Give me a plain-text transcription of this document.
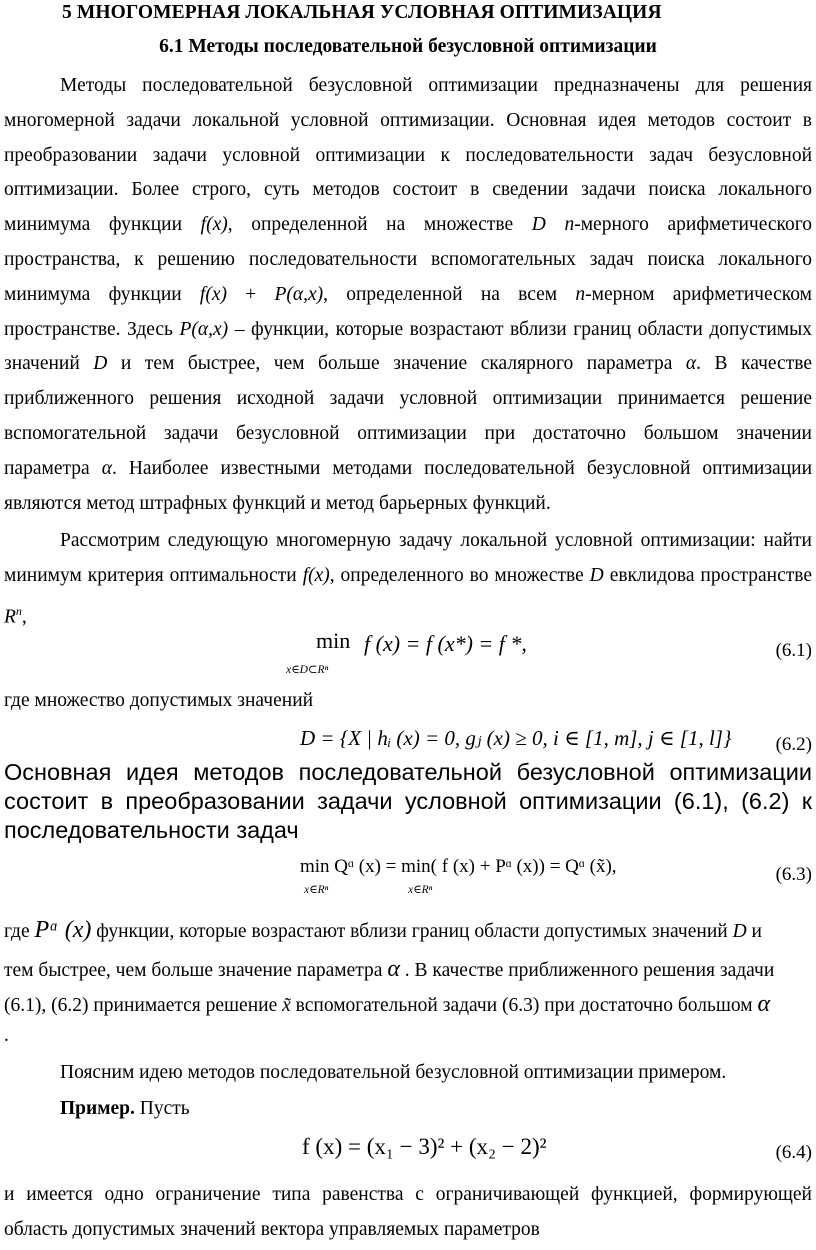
5 МНОГОМЕРНАЯ ЛОКАЛЬНАЯ УСЛОВНАЯ ОПТИМИЗАЦИЯ
6.1 Методы последовательной безусловной оптимизации
Методы последовательной безусловной оптимизации предназначены для решения многомерной задачи локальной условной оптимизации. Основная идея методов состоит в преобразовании задачи условной оптимизации к последовательности задач безусловной оптимизации. Более строго, суть методов состоит в сведении задачи поиска локального минимума функции f(x), определенной на множестве D n-мерного арифметического пространства, к решению последовательности вспомогательных задач поиска локального минимума функции f(x) + P(α,x), определенной на всем n-мерном арифметическом пространстве. Здесь P(α,x) – функции, которые возрастают вблизи границ области допустимых значений D и тем быстрее, чем больше значение скалярного параметра α. В качестве приближенного решения исходной задачи условной оптимизации принимается решение вспомогательной задачи безусловной оптимизации при достаточно большом значении параметра α. Наиболее известными методами последовательной безусловной оптимизации являются метод штрафных функций и метод барьерных функций.
Рассмотрим следующую многомерную задачу локальной условной оптимизации: найти минимум критерия оптимальности f(x), определенного во множестве D евклидова пространстве $R^n$,
min
x∈D⊂Rⁿ
f (x) = f (x*) = f *,	(6.1)
где множество допустимых значений
D = {X | hᵢ (x) = 0, gⱼ (x) ≥ 0, i ∈ [1, m], j ∈ [1, l]} (6.2)
Основная идея методов последовательной безусловной оптимизации состоит в преобразовании задачи условной оптимизации (6.1), (6.2) к последовательности задач
min Qᵅ (x) = min( f (x) + Pᵅ (x)) = Qᵅ (x̃),
x∈Rⁿ	x∈Rⁿ
(6.3)
где Pᵅ (x) функции, которые возрастают вблизи границ области допустимых значений D и
тем быстрее, чем больше значение параметра α . В качестве приближенного решения задачи
(6.1), (6.2) принимается решение x̃ вспомогательной задачи (6.3) при достаточно большом α
.
Поясним идею методов последовательной безусловной оптимизации примером.
Пример. Пусть
f (x) = (x₁ − 3)² + (x₂ − 2)²	(6.4)
и имеется одно ограничение типа равенства с ограничивающей функцией, формирующей область допустимых значений вектора управляемых параметров
